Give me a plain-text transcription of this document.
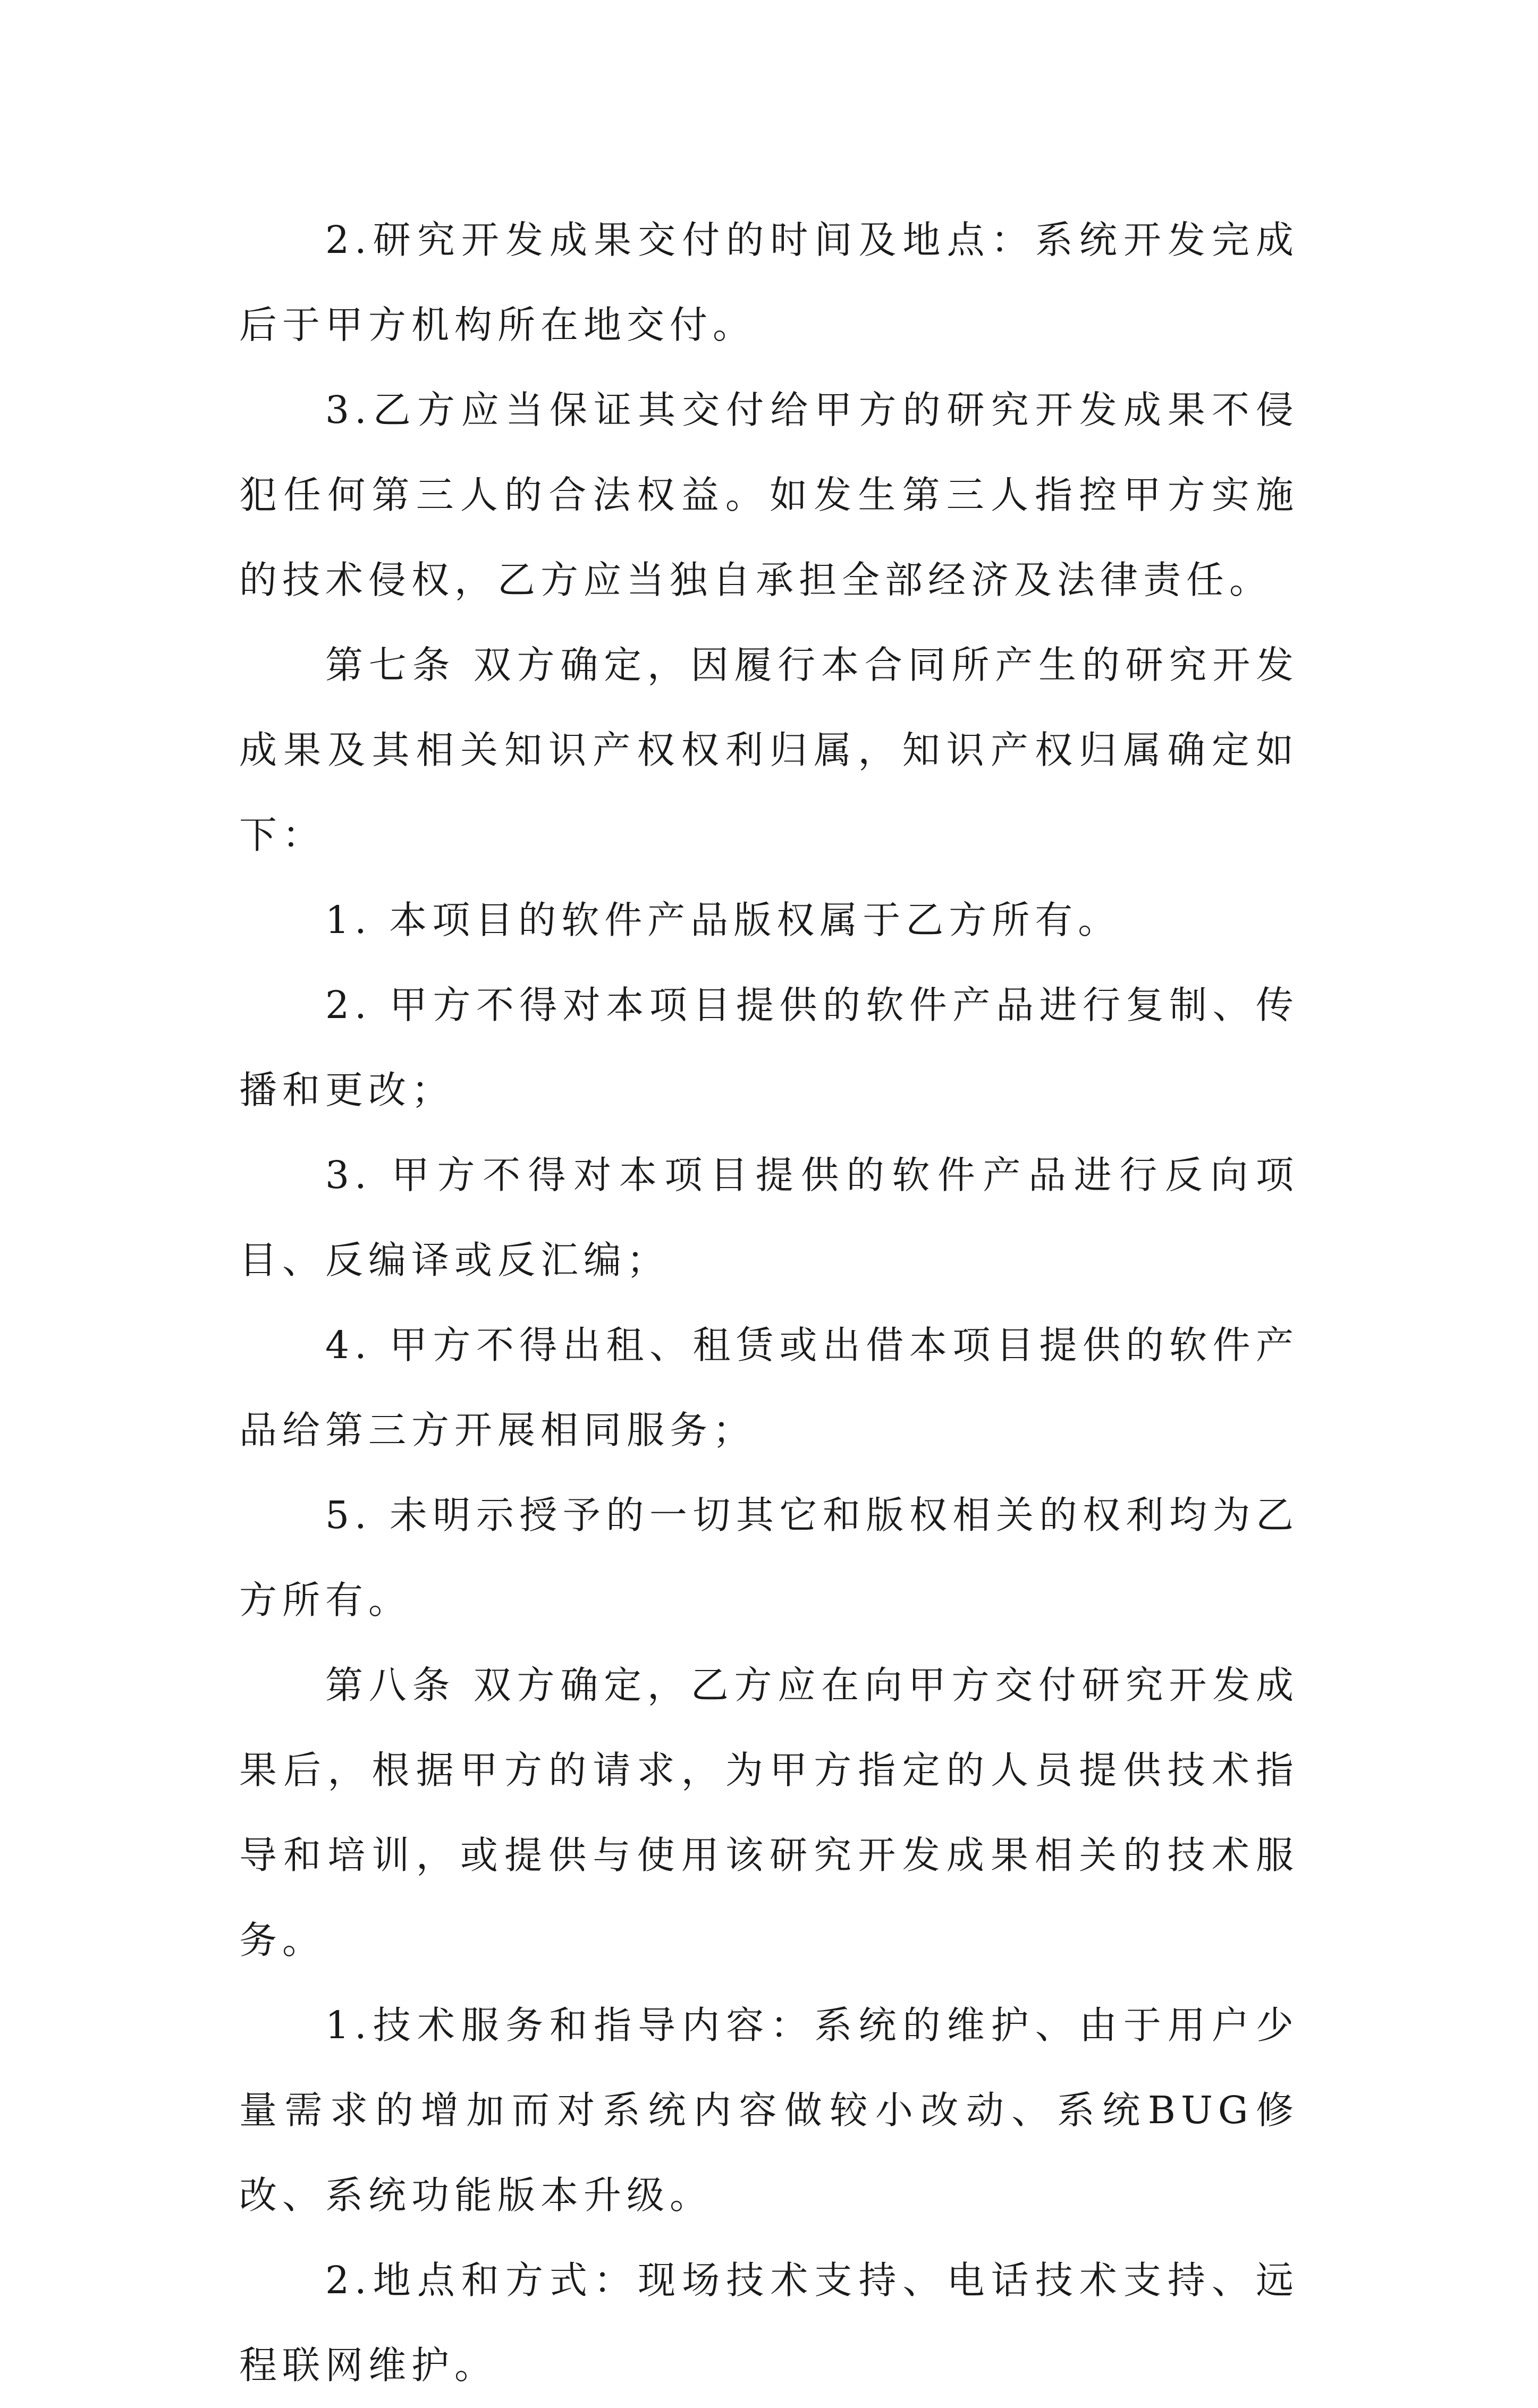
2.研究开发成果交付的时间及地点：系统开发完成后于甲方机构所在地交付。

3.乙方应当保证其交付给甲方的研究开发成果不侵犯任何第三人的合法权益。如发生第三人指控甲方实施的技术侵权，乙方应当独自承担全部经济及法律责任。

第七条 双方确定，因履行本合同所产生的研究开发成果及其相关知识产权权利归属，知识产权归属确定如下：

1. 本项目的软件产品版权属于乙方所有。

2. 甲方不得对本项目提供的软件产品进行复制、传播和更改；

3. 甲方不得对本项目提供的软件产品进行反向项目、反编译或反汇编；

4. 甲方不得出租、租赁或出借本项目提供的软件产品给第三方开展相同服务；

5. 未明示授予的一切其它和版权相关的权利均为乙方所有。

第八条 双方确定，乙方应在向甲方交付研究开发成果后，根据甲方的请求，为甲方指定的人员提供技术指导和培训，或提供与使用该研究开发成果相关的技术服务。

1.技术服务和指导内容：系统的维护、由于用户少量需求的增加而对系统内容做较小改动、系统BUG修改、系统功能版本升级。

2.地点和方式：现场技术支持、电话技术支持、远程联网维护。
